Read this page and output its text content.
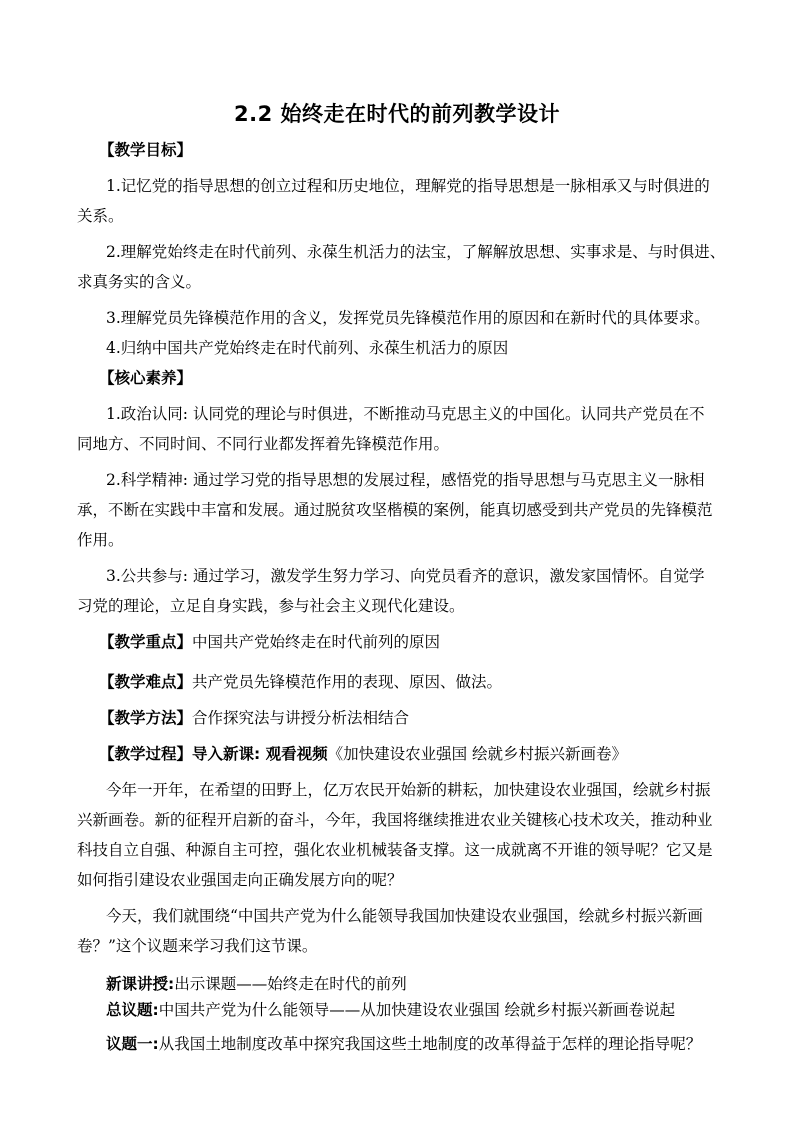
2.2 始终走在时代的前列教学设计
【教学目标】
1.记忆党的指导思想的创立过程和历史地位，理解党的指导思想是一脉相承又与时俱进的
关系。
2.理解党始终走在时代前列、永葆生机活力的法宝，了解解放思想、实事求是、与时俱进、
求真务实的含义。
3.理解党员先锋模范作用的含义，发挥党员先锋模范作用的原因和在新时代的具体要求。
4.归纳中国共产党始终走在时代前列、永葆生机活力的原因
【核心素养】
1.政治认同: 认同党的理论与时俱进，不断推动马克思主义的中国化。认同共产党员在不
同地方、不同时间、不同行业都发挥着先锋模范作用。
2.科学精神: 通过学习党的指导思想的发展过程，感悟党的指导思想与马克思主义一脉相
承，不断在实践中丰富和发展。通过脱贫攻坚楷模的案例，能真切感受到共产党员的先锋模范
作用。
3.公共参与: 通过学习，激发学生努力学习、向党员看齐的意识，激发家国情怀。自觉学
习党的理论，立足自身实践，参与社会主义现代化建设。
【教学重点】中国共产党始终走在时代前列的原因
【教学难点】共产党员先锋模范作用的表现、原因、做法。
【教学方法】合作探究法与讲授分析法相结合
【教学过程】导入新课: 观看视频《加快建设农业强国 绘就乡村振兴新画卷》
今年一开年，在希望的田野上，亿万农民开始新的耕耘，加快建设农业强国，绘就乡村振
兴新画卷。新的征程开启新的奋斗，今年，我国将继续推进农业关键核心技术攻关，推动种业
科技自立自强、种源自主可控，强化农业机械装备支撑。这一成就离不开谁的领导呢？它又是
如何指引建设农业强国走向正确发展方向的呢？
今天，我们就围绕“中国共产党为什么能领导我国加快建设农业强国，绘就乡村振兴新画
卷？”这个议题来学习我们这节课。
新课讲授:出示课题——始终走在时代的前列
总议题:中国共产党为什么能领导——从加快建设农业强国 绘就乡村振兴新画卷说起
议题一:从我国土地制度改革中探究我国这些土地制度的改革得益于怎样的理论指导呢？
